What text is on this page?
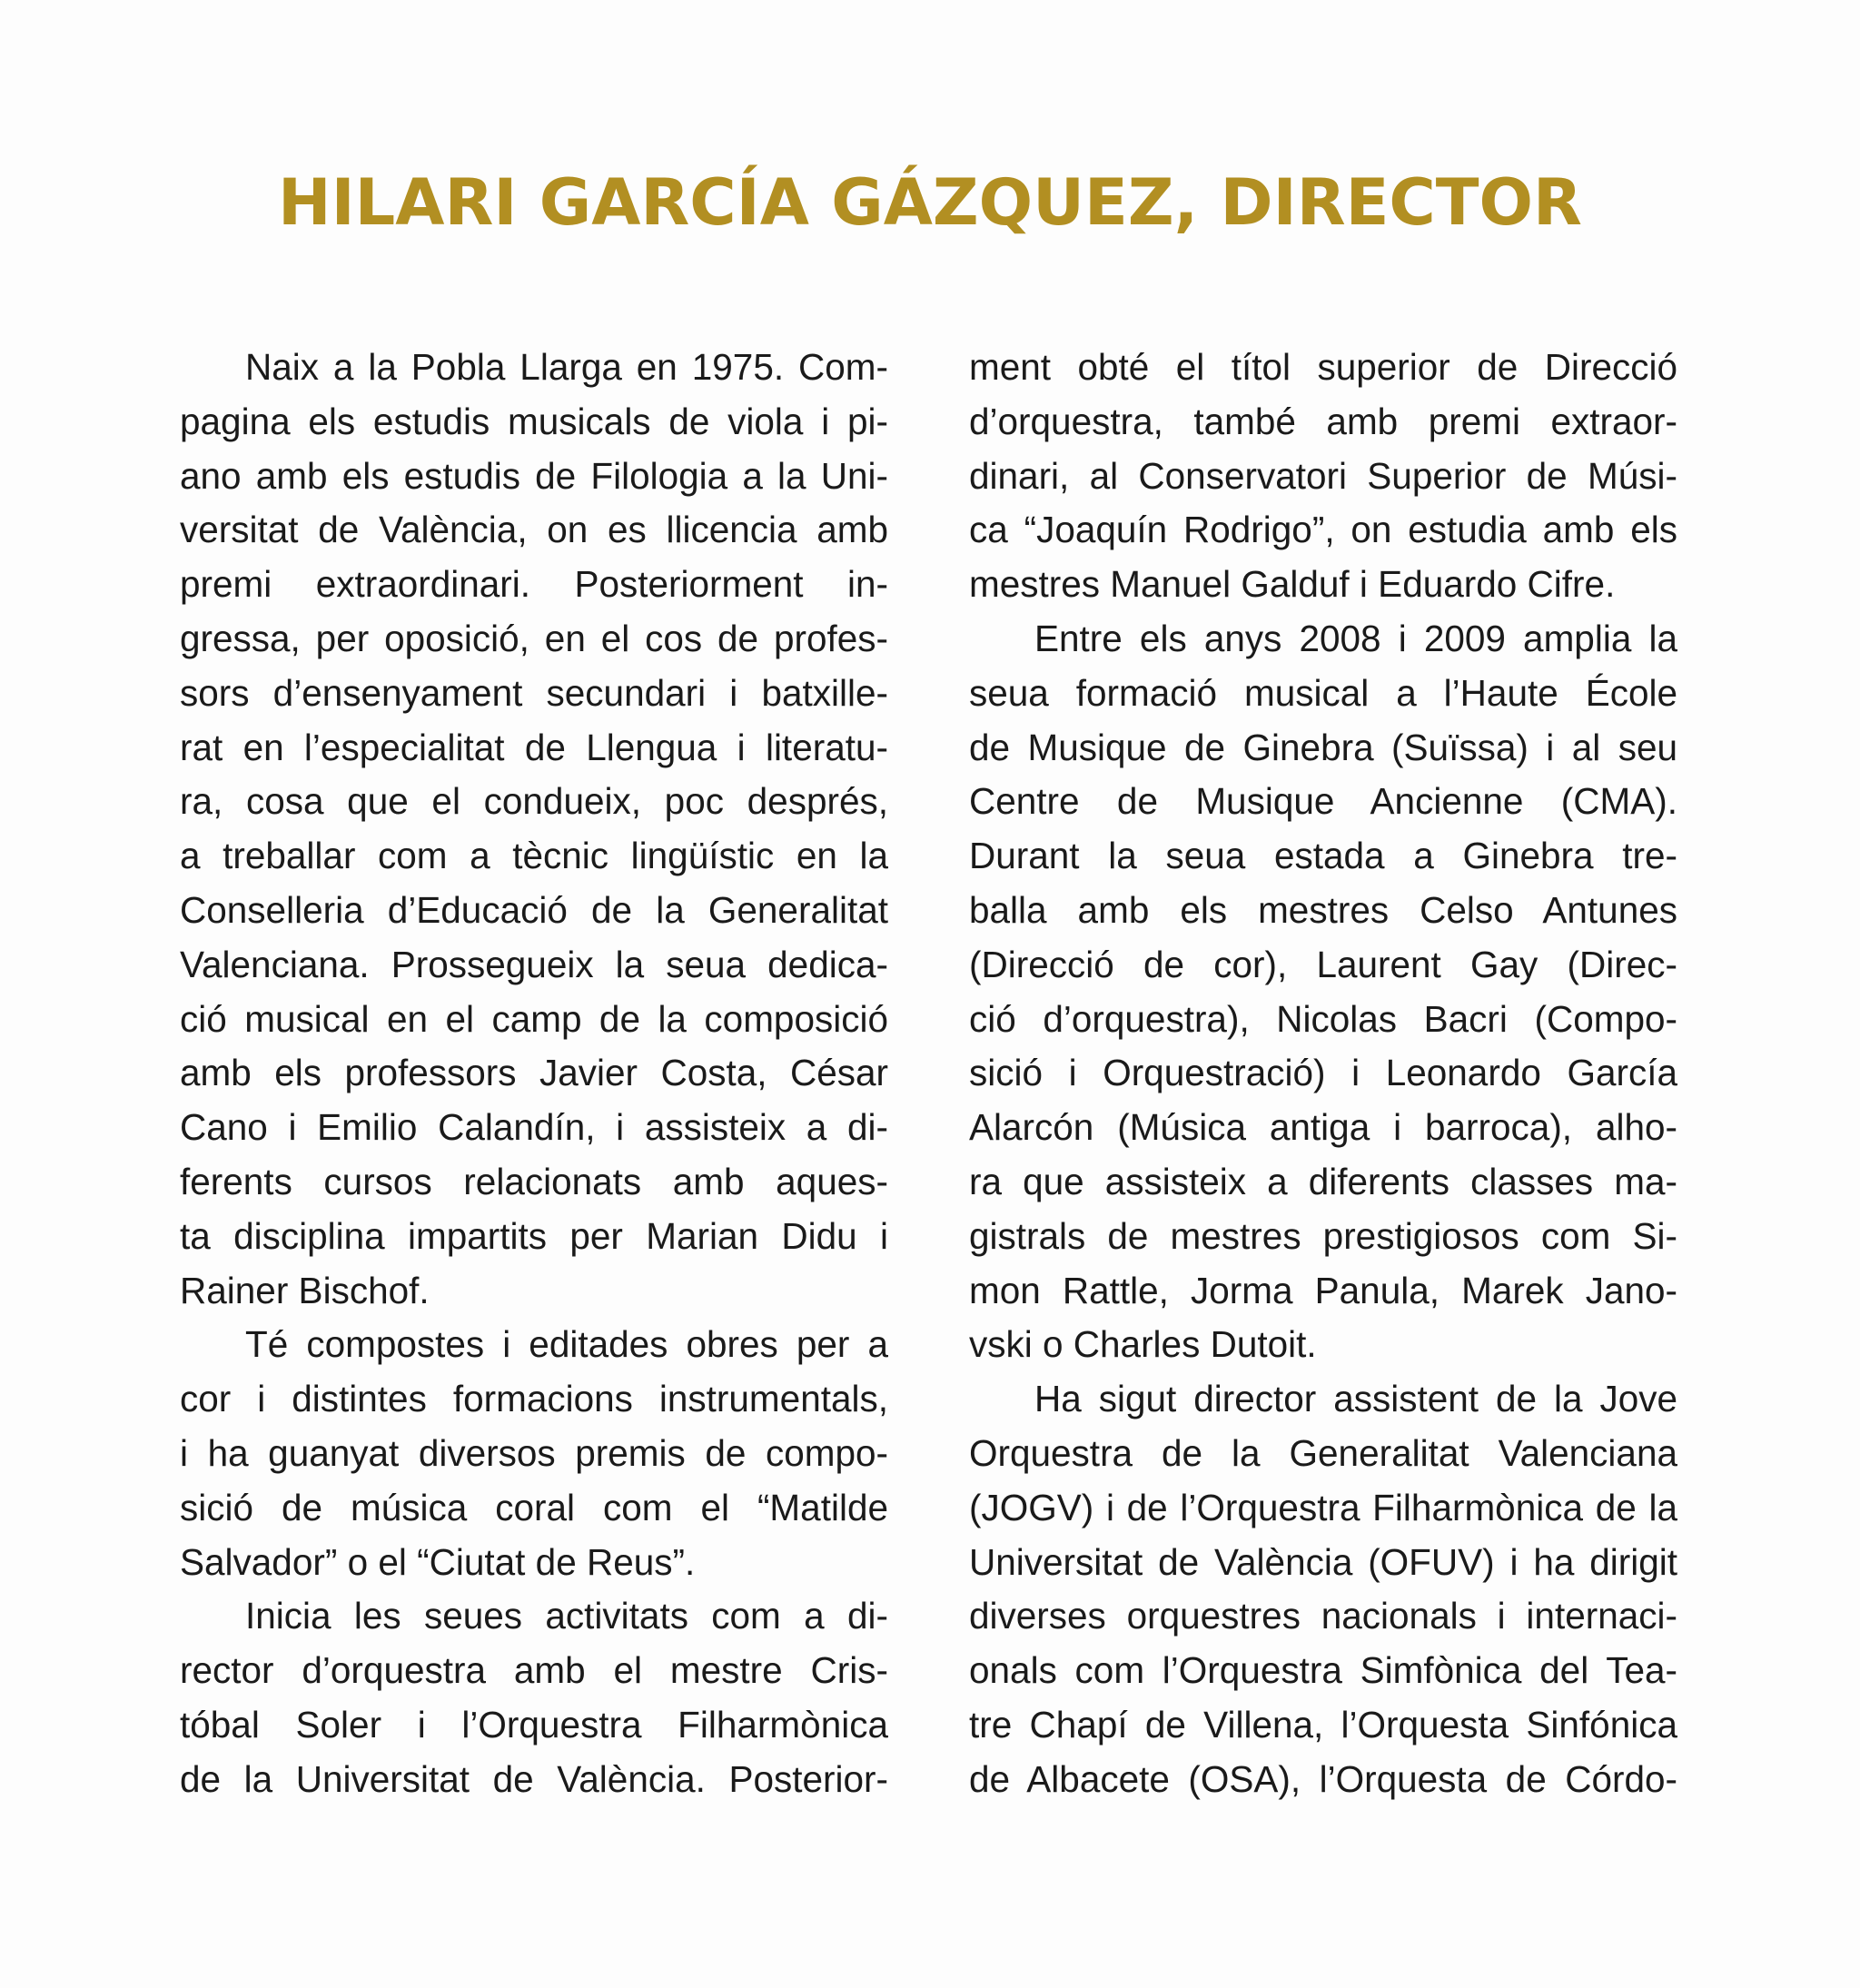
HILARI GARCÍA GÁZQUEZ, DIRECTOR
Naix a la Pobla Llarga en 1975. Com-
pagina els estudis musicals de viola i pi-
ano amb els estudis de Filologia a la Uni-
versitat de València, on es llicencia amb
premi extraordinari. Posteriorment in-
gressa, per oposició, en el cos de profes-
sors d’ensenyament secundari i batxille-
rat en l’especialitat de Llengua i literatu-
ra, cosa que el condueix, poc després,
a treballar com a tècnic lingüístic en la
Conselleria d’Educació de la Generalitat
Valenciana. Prossegueix la seua dedica-
ció musical en el camp de la composició
amb els professors Javier Costa, César
Cano i Emilio Calandín, i assisteix a di-
ferents cursos relacionats amb aques-
ta disciplina impartits per Marian Didu i
Rainer Bischof.
Té compostes i editades obres per a
cor i distintes formacions instrumentals,
i ha guanyat diversos premis de compo-
sició de música coral com el “Matilde
Salvador” o el “Ciutat de Reus”.
Inicia les seues activitats com a di-
rector d’orquestra amb el mestre Cris-
tóbal Soler i l’Orquestra Filharmònica
de la Universitat de València. Posterior-
ment obté el títol superior de Direcció
d’orquestra, també amb premi extraor-
dinari, al Conservatori Superior de Músi-
ca “Joaquín Rodrigo”, on estudia amb els
mestres Manuel Galduf i Eduardo Cifre.
Entre els anys 2008 i 2009 amplia la
seua formació musical a l’Haute École
de Musique de Ginebra (Suïssa) i al seu
Centre de Musique Ancienne (CMA).
Durant la seua estada a Ginebra tre-
balla amb els mestres Celso Antunes
(Direcció de cor), Laurent Gay (Direc-
ció d’orquestra), Nicolas Bacri (Compo-
sició i Orquestració) i Leonardo García
Alarcón (Música antiga i barroca), alho-
ra que assisteix a diferents classes ma-
gistrals de mestres prestigiosos com Si-
mon Rattle, Jorma Panula, Marek Jano-
vski o Charles Dutoit.
Ha sigut director assistent de la Jove
Orquestra de la Generalitat Valenciana
(JOGV) i de l’Orquestra Filharmònica de la
Universitat de València (OFUV) i ha dirigit
diverses orquestres nacionals i internaci-
onals com l’Orquestra Simfònica del Tea-
tre Chapí de Villena, l’Orquesta Sinfónica
de Albacete (OSA), l’Orquesta de Córdo-
